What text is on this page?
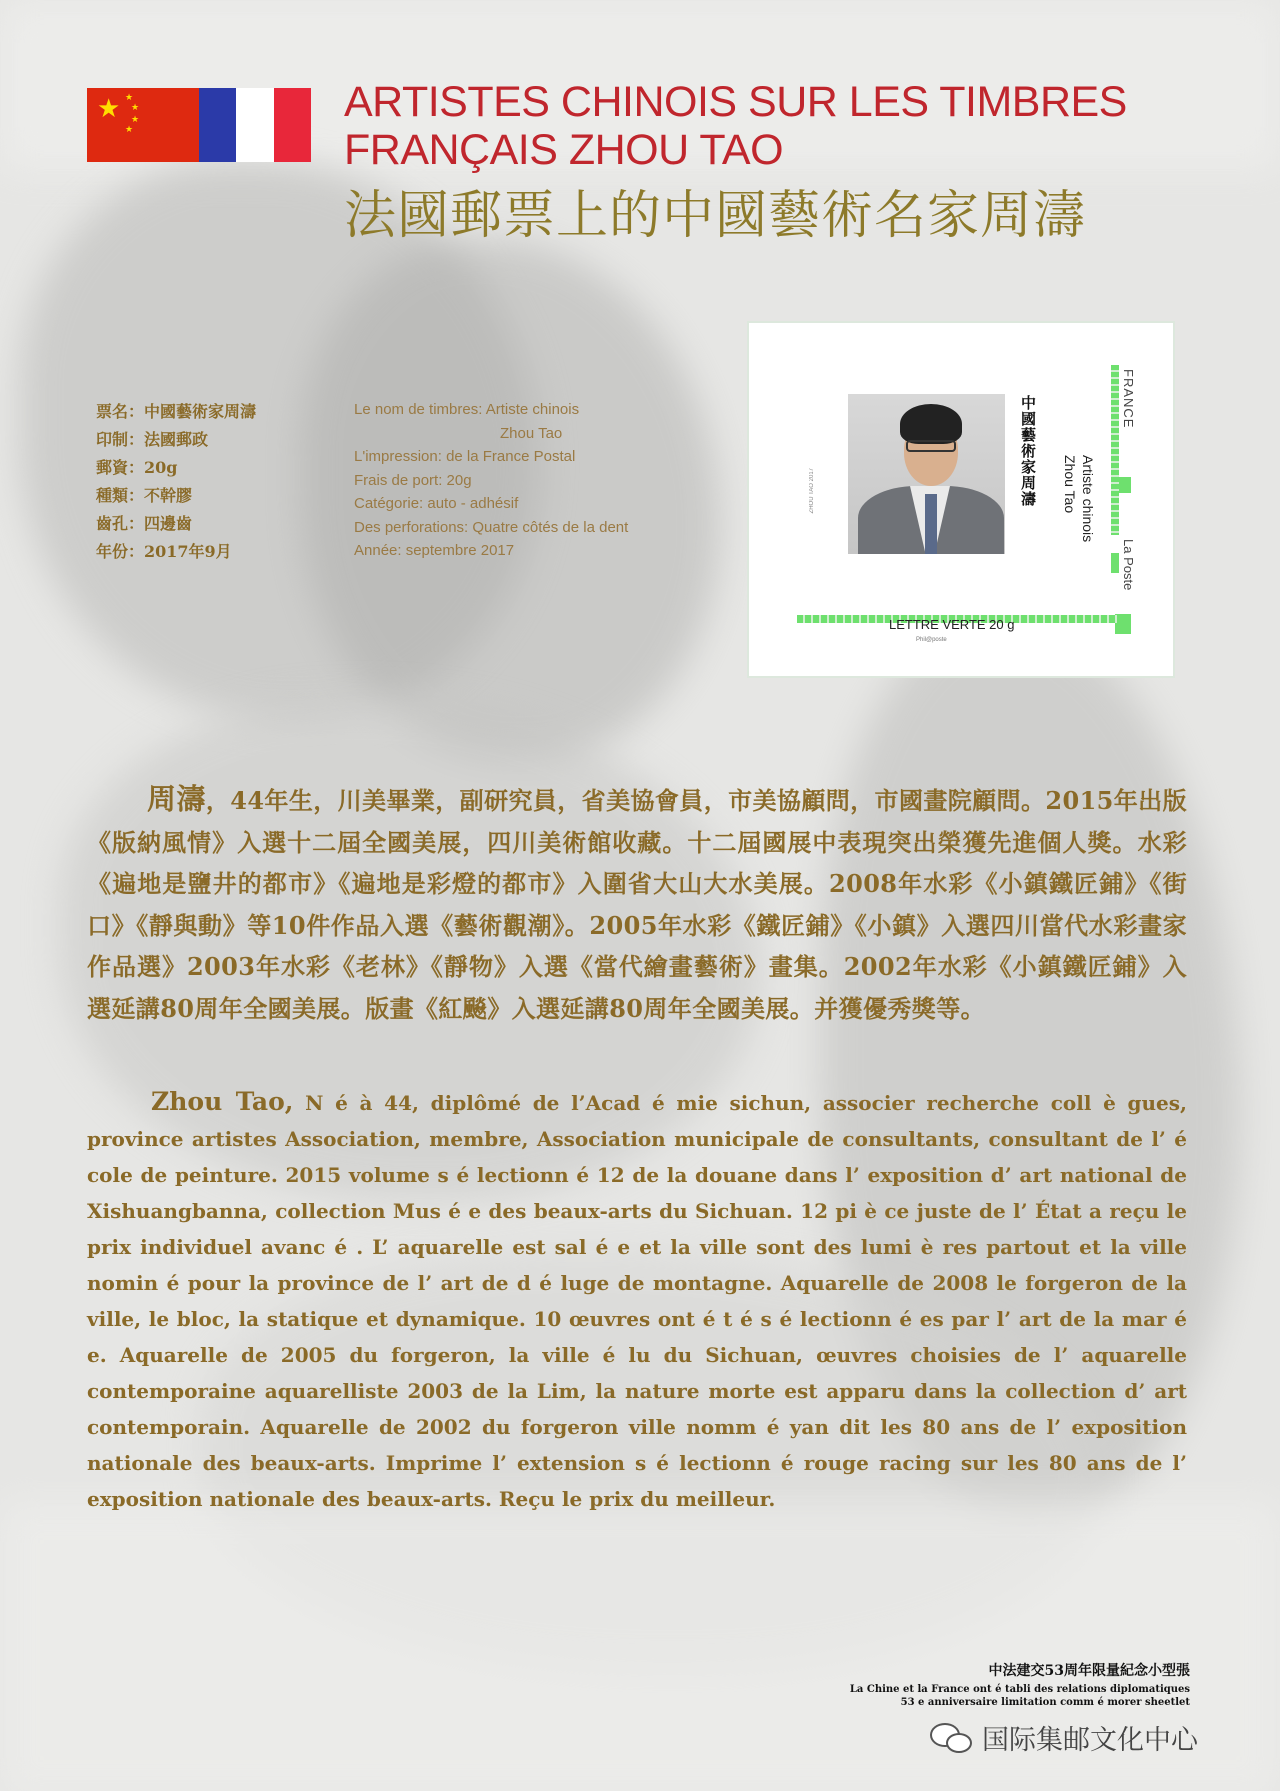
★ ★
★
★
★
ARTISTES CHINOIS SUR LES TIMBRES FRANÇAIS ZHOU TAO
法國郵票上的中國藝術名家周濤
票名：中國藝術家周濤
印制：法國郵政
郵資：20g
種類：不幹膠
齒孔：四邊齒
年份：2017年9月
Le nom de timbres: Artiste chinois
Zhou Tao
L'impression: de la France Postal
Frais de port: 20g
Catégorie: auto - adhésif
Des perforations: Quatre côtés de la dent
Année: septembre 2017
ZHOU TAO 2017	中國藝術家周濤	Artiste chinois
Zhou Tao
FRANCE
La Poste
LETTRE VERTE 20 g
Phil@poste
周濤，44年生，川美畢業，副研究員，省美協會員，市美協顧問，市國畫院顧問。2015年出版《版納風情》入選十二屆全國美展，四川美術館收藏。十二屆國展中表現突出榮獲先進個人獎。水彩《遍地是鹽井的都市》《遍地是彩燈的都市》入圍省大山大水美展。2008年水彩《小鎮鐵匠鋪》《街口》《靜與動》等10件作品入選《藝術觀潮》。2005年水彩《鐵匠鋪》《小鎮》入選四川當代水彩畫家作品選》2003年水彩《老林》《靜物》入選《當代繪畫藝術》畫集。2002年水彩《小鎮鐵匠鋪》入選延講80周年全國美展。版畫《紅飈》入選延講80周年全國美展。并獲優秀獎等。
Zhou Tao, N é à 44, diplômé de l’Acad é mie sichun, associer recherche coll è gues, province artistes Association, membre, Association municipale de consultants, consultant de l’ é cole de peinture. 2015 volume s é lectionn é 12 de la douane dans l’ exposition d’ art national de Xishuangbanna, collection Mus é e des beaux-arts du Sichuan. 12 pi è ce juste de l’ État a reçu le prix individuel avanc é . L’ aquarelle est sal é e et la ville sont des lumi è res partout et la ville nomin é pour la province de l’ art de d é luge de montagne. Aquarelle de 2008 le forgeron de la ville, le bloc, la statique et dynamique. 10 œuvres ont é t é s é lectionn é es par l’ art de la mar é e. Aquarelle de 2005 du forgeron, la ville é lu du Sichuan, œuvres choisies de l’ aquarelle contemporaine aquarelliste 2003 de la Lim, la nature morte est apparu dans la collection d’ art contemporain. Aquarelle de 2002 du forgeron ville nomm é yan dit les 80 ans de l’ exposition nationale des beaux-arts. Imprime l’ extension s é lectionn é rouge racing sur les 80 ans de l’ exposition nationale des beaux-arts. Reçu le prix du meilleur.
中法建交53周年限量紀念小型張
La Chine et la France ont é tabli des relations diplomatiques
53 e anniversaire limitation comm é morer sheetlet
国际集邮文化中心
